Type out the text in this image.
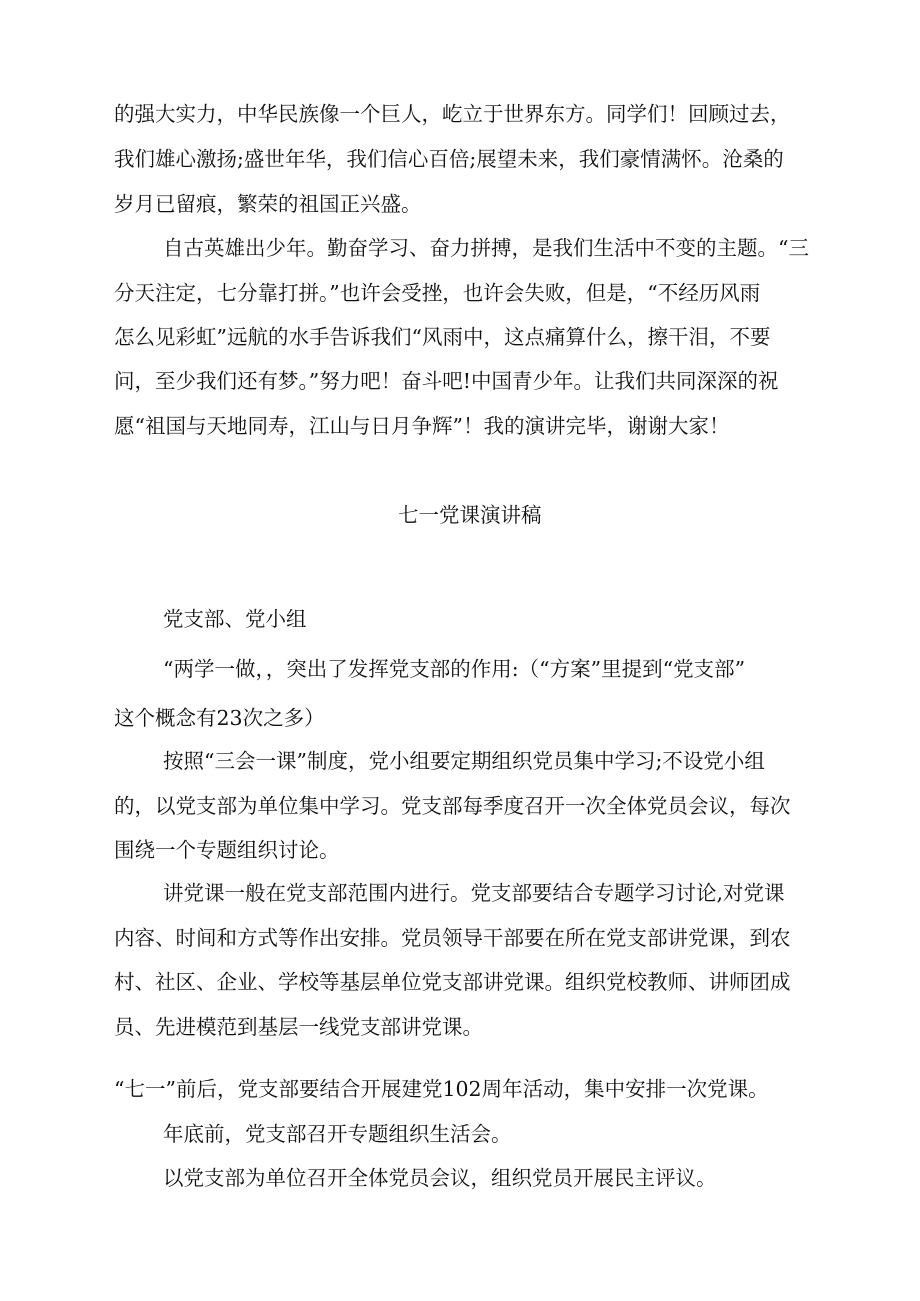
的强大实力，中华民族像一个巨人，屹立于世界东方。同学们！回顾过去，
我们雄心激扬;盛世年华，我们信心百倍;展望未来，我们豪情满怀。沧桑的
岁月已留痕，繁荣的祖国正兴盛。
自古英雄出少年。勤奋学习、奋力拼搏，是我们生活中不变的主题。“三
分天注定，七分靠打拼。”也许会受挫，也许会失败，但是，“不经历风雨
怎么见彩虹”远航的水手告诉我们“风雨中，这点痛算什么，擦干泪，不要
问，至少我们还有梦。”努力吧！奋斗吧!中国青少年。让我们共同深深的祝
愿“祖国与天地同寿，江山与日月争辉”！我的演讲完毕，谢谢大家！
七一党课演讲稿
党支部、党小组
“两学一做，，突出了发挥党支部的作用:（“方案”里提到“党支部”
这个概念有23次之多）
按照“三会一课”制度，党小组要定期组织党员集中学习;不设党小组
的，以党支部为单位集中学习。党支部每季度召开一次全体党员会议，每次
围绕一个专题组织讨论。
讲党课一般在党支部范围内进行。党支部要结合专题学习讨论,对党课
内容、时间和方式等作出安排。党员领导干部要在所在党支部讲党课，到农
村、社区、企业、学校等基层单位党支部讲党课。组织党校教师、讲师团成
员、先进模范到基层一线党支部讲党课。
“七一”前后，党支部要结合开展建党102周年活动，集中安排一次党课。
年底前，党支部召开专题组织生活会。
以党支部为单位召开全体党员会议，组织党员开展民主评议。
